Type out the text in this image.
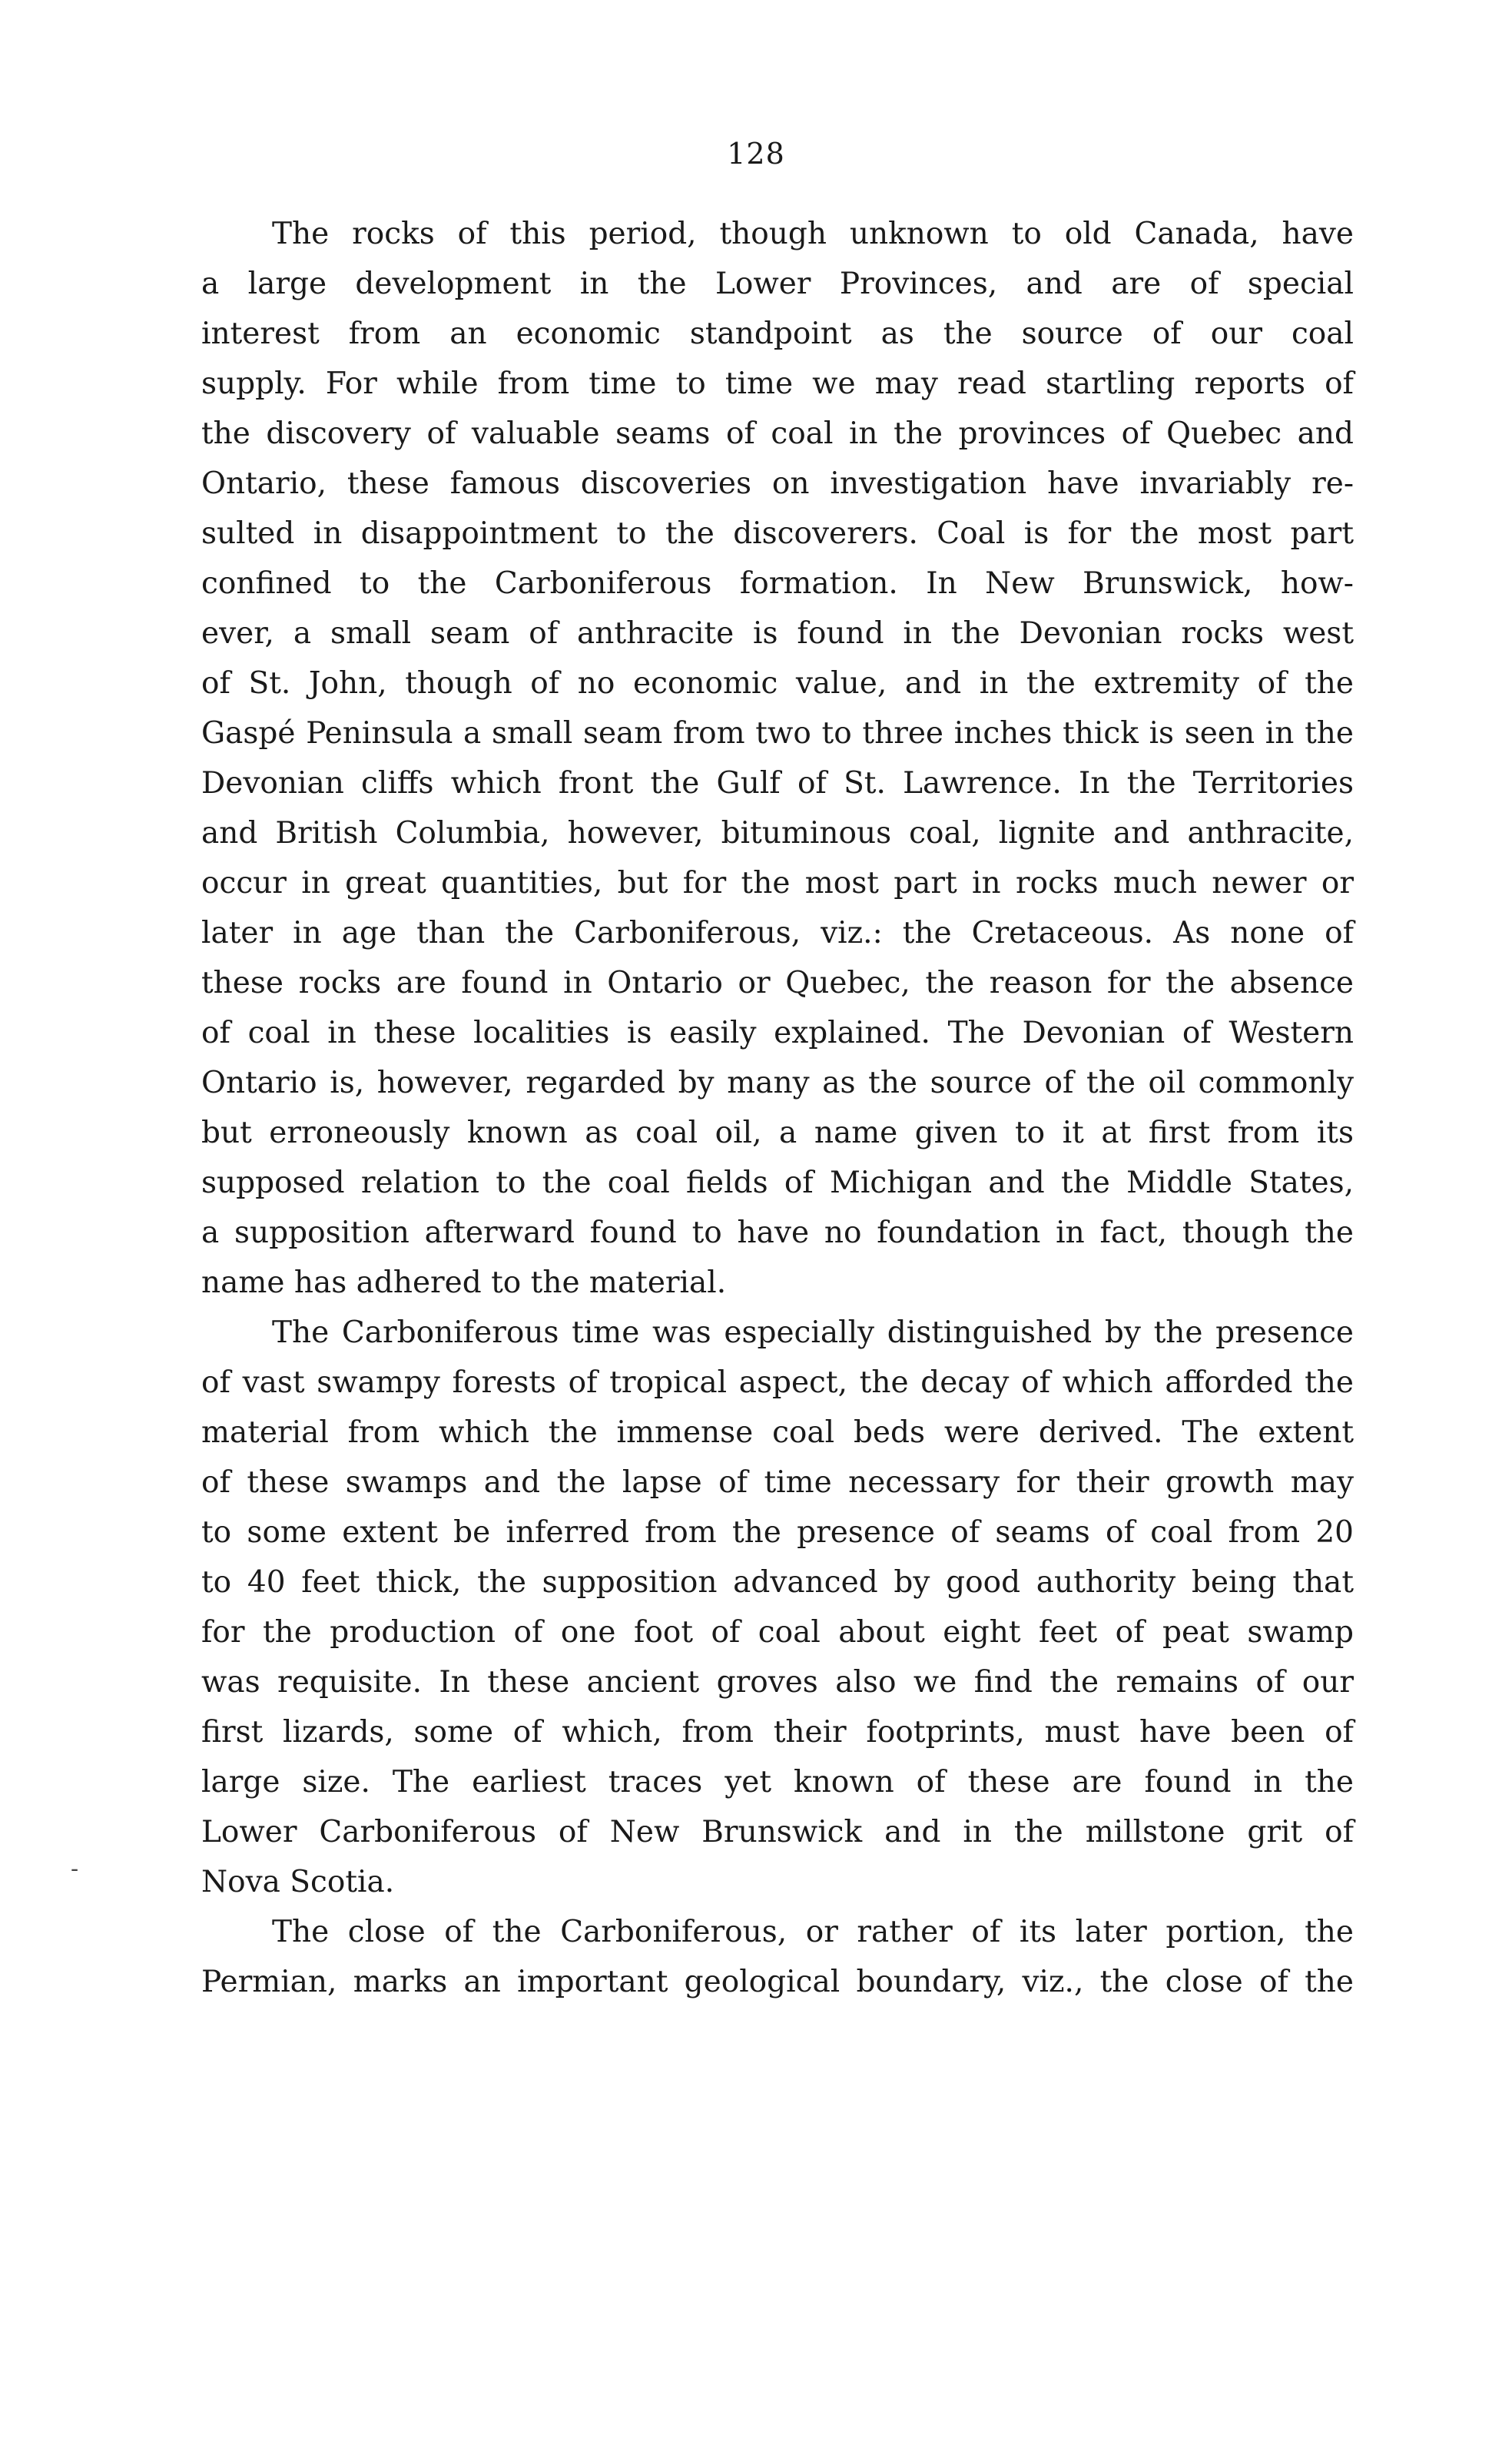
128
-
The rocks of this period, though unknown to old Canada, have
a large development in the Lower Provinces, and are of special
interest from an economic standpoint as the source of our coal
supply. For while from time to time we may read startling reports of
the discovery of valuable seams of coal in the provinces of Quebec and
Ontario, these famous discoveries on investigation have invariably re-
sulted in disappointment to the discoverers. Coal is for the most part
confined to the Carboniferous formation. In New Brunswick, how-
ever, a small seam of anthracite is found in the Devonian rocks west
of St. John, though of no economic value, and in the extremity of the
Gaspé Peninsula a small seam from two to three inches thick is seen in the
Devonian cliffs which front the Gulf of St. Lawrence. In the Territories
and British Columbia, however, bituminous coal, lignite and anthracite,
occur in great quantities, but for the most part in rocks much newer or
later in age than the Carboniferous, viz.: the Cretaceous. As none of
these rocks are found in Ontario or Quebec, the reason for the absence
of coal in these localities is easily explained. The Devonian of Western
Ontario is, however, regarded by many as the source of the oil commonly
but erroneously known as coal oil, a name given to it at first from its
supposed relation to the coal fields of Michigan and the Middle States,
a supposition afterward found to have no foundation in fact, though the
name has adhered to the material.
The Carboniferous time was especially distinguished by the presence
of vast swampy forests of tropical aspect, the decay of which afforded the
material from which the immense coal beds were derived. The extent
of these swamps and the lapse of time necessary for their growth may
to some extent be inferred from the presence of seams of coal from 20
to 40 feet thick, the supposition advanced by good authority being that
for the production of one foot of coal about eight feet of peat swamp
was requisite. In these ancient groves also we find the remains of our
first lizards, some of which, from their footprints, must have been of
large size. The earliest traces yet known of these are found in the
Lower Carboniferous of New Brunswick and in the millstone grit of
Nova Scotia.
The close of the Carboniferous, or rather of its later portion, the
Permian, marks an important geological boundary, viz., the close of the
